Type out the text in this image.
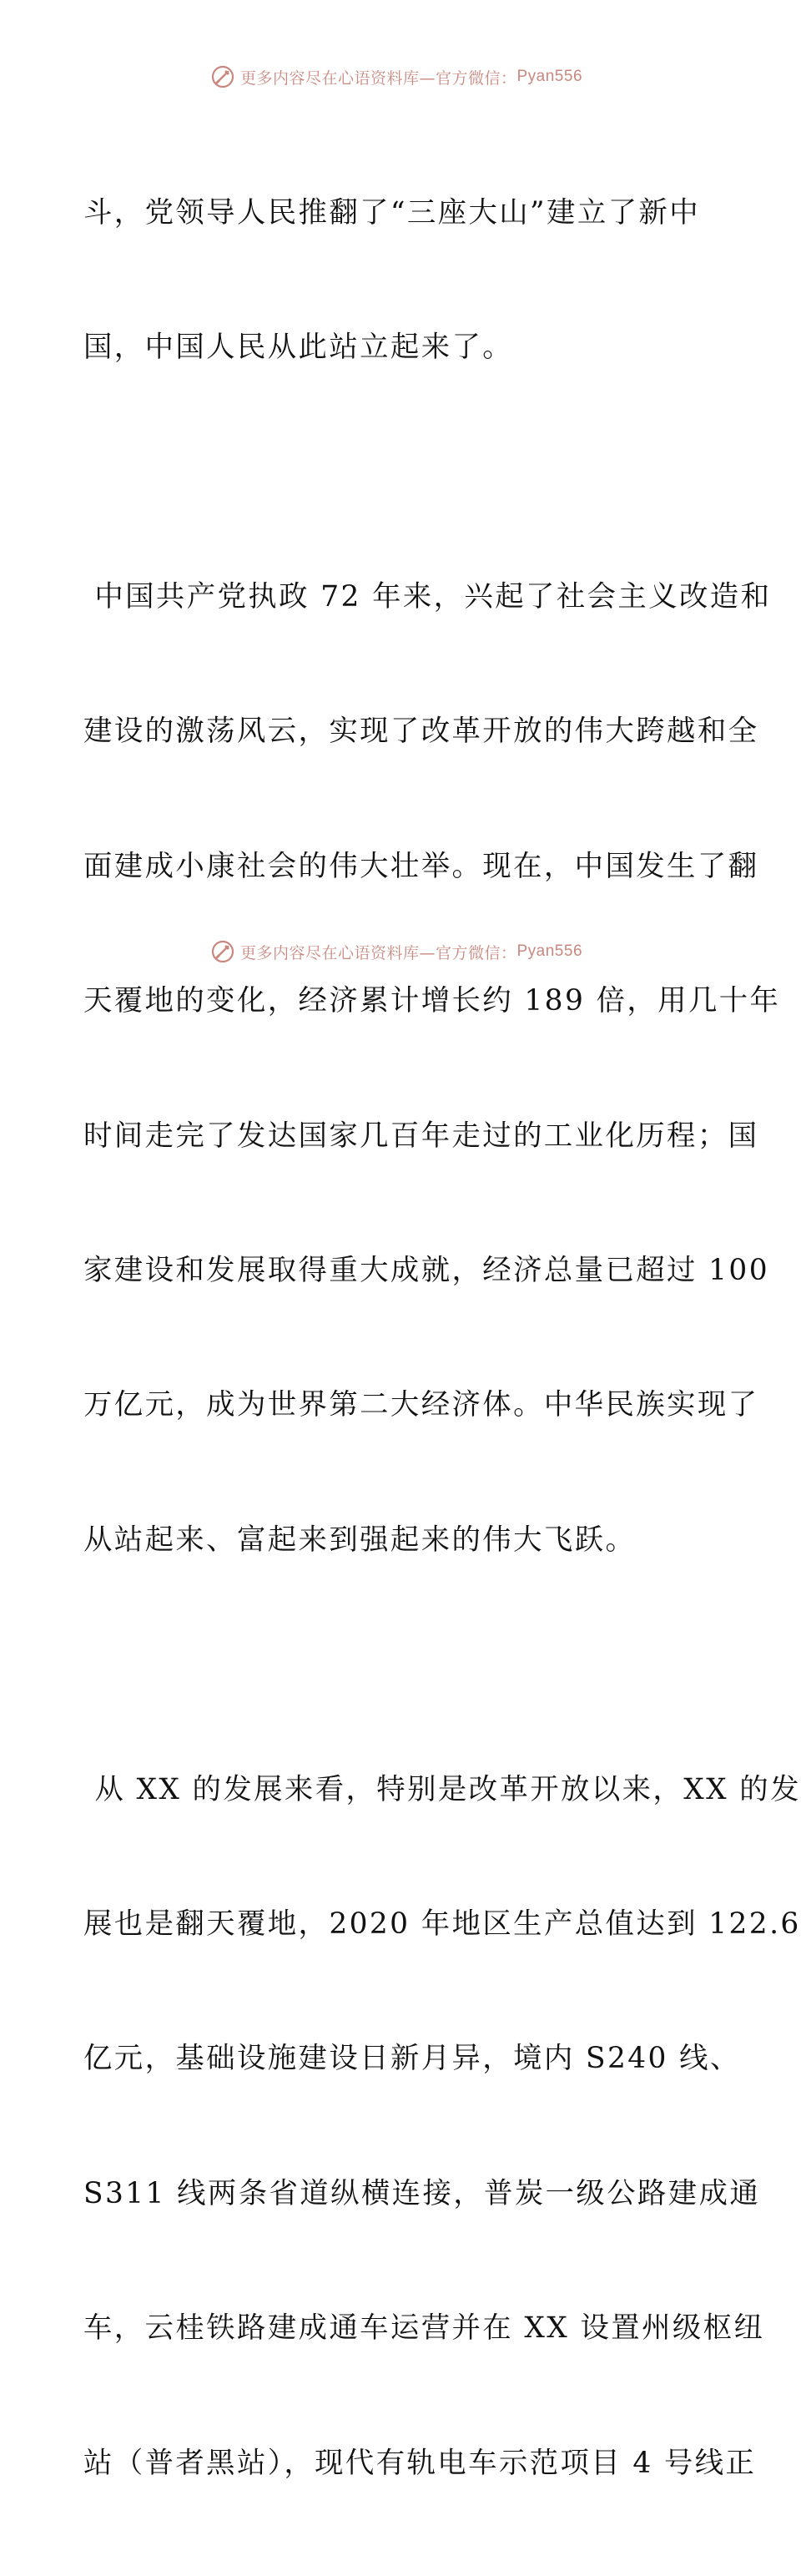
更多内容尽在心语资料库—官方微信： Pyan556

斗，党领导人民推翻了“三座大山”建立了新中

国，中国人民从此站立起来了。

中国共产党执政 72 年来，兴起了社会主义改造和

建设的激荡风云，实现了改革开放的伟大跨越和全

面建成小康社会的伟大壮举。现在，中国发生了翻

天覆地的变化，经济累计增长约 189 倍，用几十年

时间走完了发达国家几百年走过的工业化历程；国

家建设和发展取得重大成就，经济总量已超过 100

万亿元，成为世界第二大经济体。中华民族实现了

从站起来、富起来到强起来的伟大飞跃。

从 XX 的发展来看，特别是改革开放以来，XX 的发

展也是翻天覆地，2020 年地区生产总值达到 122.6

亿元，基础设施建设日新月异，境内 S240 线、

S311 线两条省道纵横连接，普炭一级公路建成通

车，云桂铁路建成通车运营并在 XX 设置州级枢纽

站（普者黑站），现代有轨电车示范项目 4 号线正

更多内容尽在心语资料库—官方微信： Pyan556
